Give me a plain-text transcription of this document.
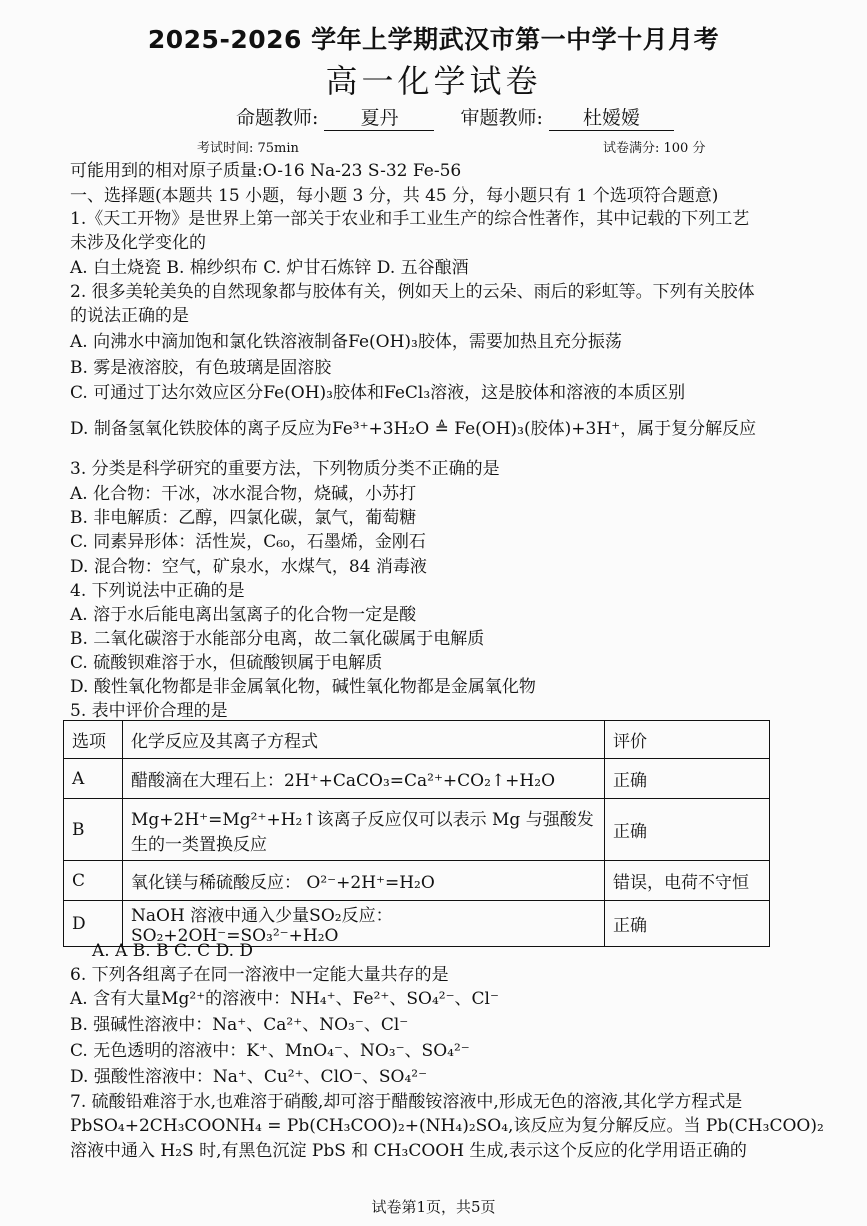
2025-2026 学年上学期武汉市第一中学十月月考
高一化学试卷
命题教师: 夏丹	审题教师: 杜嫒嫒
考试时间: 75min	试卷满分: 100 分
可能用到的相对原子质量:O-16 Na-23 S-32 Fe-56
一、选择题(本题共 15 小题，每小题 3 分，共 45 分，每小题只有 1 个选项符合题意)
1.《天工开物》是世界上第一部关于农业和手工业生产的综合性著作，其中记载的下列工艺
未涉及化学变化的
A. 白土烧瓷 B. 棉纱织布 C. 炉甘石炼锌 D. 五谷酿酒
2. 很多美轮美奂的自然现象都与胶体有关，例如天上的云朵、雨后的彩虹等。下列有关胶体
的说法正确的是
A. 向沸水中滴加饱和氯化铁溶液制备Fe(OH)₃胶体，需要加热且充分振荡
B. 雾是液溶胶，有色玻璃是固溶胶
C. 可通过丁达尔效应区分Fe(OH)₃胶体和FeCl₃溶液，这是胶体和溶液的本质区别
D. 制备氢氧化铁胶体的离子反应为Fe³⁺+3H₂O ≜ Fe(OH)₃(胶体)+3H⁺，属于复分解反应
3. 分类是科学研究的重要方法，下列物质分类不正确的是
A. 化合物：干冰，冰水混合物，烧碱，小苏打
B. 非电解质：乙醇，四氯化碳，氯气，葡萄糖
C. 同素异形体：活性炭，C₆₀，石墨烯，金刚石
D. 混合物：空气，矿泉水，水煤气，84 消毒液
4. 下列说法中正确的是
A. 溶于水后能电离出氢离子的化合物一定是酸
B. 二氧化碳溶于水能部分电离，故二氧化碳属于电解质
C. 硫酸钡难溶于水，但硫酸钡属于电解质
D. 酸性氧化物都是非金属氧化物，碱性氧化物都是金属氧化物
5. 表中评价合理的是
选项	化学反应及其离子方程式	评价
A	醋酸滴在大理石上：2H⁺+CaCO₃=Ca²⁺+CO₂↑+H₂O	正确
B	Mg+2H⁺=Mg²⁺+H₂↑该离子反应仅可以表示 Mg 与强酸发生的一类置换反应	正确
C	氧化镁与稀硫酸反应： O²⁻+2H⁺=H₂O	错误，电荷不守恒
D	NaOH 溶液中通入少量SO₂反应：SO₂+2OH⁻=SO₃²⁻+H₂O	正确
A. A B. B C. C D. D
6. 下列各组离子在同一溶液中一定能大量共存的是
A. 含有大量Mg²⁺的溶液中：NH₄⁺、Fe²⁺、SO₄²⁻、Cl⁻
B. 强碱性溶液中：Na⁺、Ca²⁺、NO₃⁻、Cl⁻
C. 无色透明的溶液中：K⁺、MnO₄⁻、NO₃⁻、SO₄²⁻
D. 强酸性溶液中：Na⁺、Cu²⁺、ClO⁻、SO₄²⁻
7. 硫酸铅难溶于水,也难溶于硝酸,却可溶于醋酸铵溶液中,形成无色的溶液,其化学方程式是
PbSO₄+2CH₃COONH₄ = Pb(CH₃COO)₂+(NH₄)₂SO₄,该反应为复分解反应。当 Pb(CH₃COO)₂
溶液中通入 H₂S 时,有黑色沉淀 PbS 和 CH₃COOH 生成,表示这个反应的化学用语正确的
试卷第1页，共5页
